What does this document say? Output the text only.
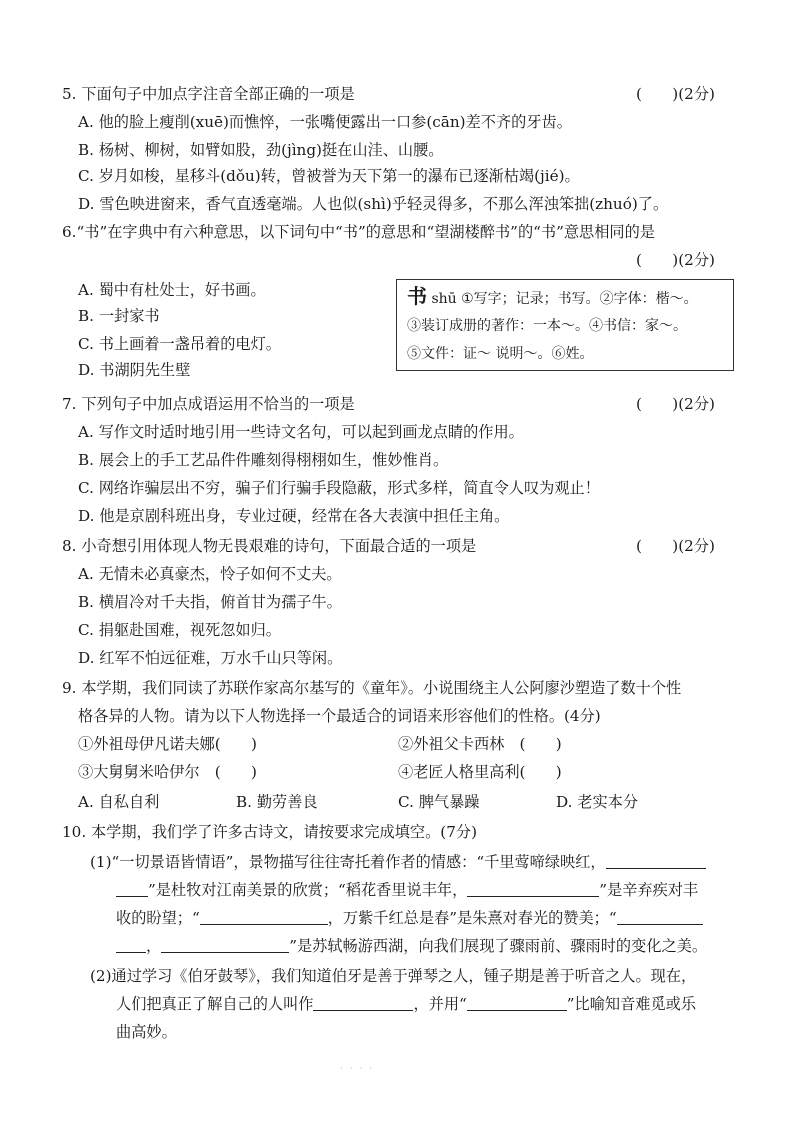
5. 下面句子中加点字注音全部正确的一项是	(　　)(2分)
A. 他的脸上瘦削(xuē)而憔悴，一张嘴便露出一口参(cān)差不齐的牙齿。
B. 杨树、柳树，如臂如股，劲(jìng)挺在山洼、山腰。
C. 岁月如梭，星移斗(dǒu)转，曾被誉为天下第一的瀑布已逐渐枯竭(jié)。
D. 雪色映进窗来，香气直透毫端。人也似(shì)乎轻灵得多，不那么浑浊笨拙(zhuó)了。
6.“书”在字典中有六种意思，以下词句中“书”的意思和“望湖楼醉书”的“书”意思相同的是
(　　)(2分)
A. 蜀中有杜处士，好书画。
B. 一封家书
C. 书上画着一盏吊着的电灯。
D. 书湖阴先生壁
书 shū ①写字；记录；书写。②字体：楷～。
③装订成册的著作：一本～。④书信：家～。
⑤文件：证～ 说明～。⑥姓。
7. 下列句子中加点成语运用不恰当的一项是	(　　)(2分)
A. 写作文时适时地引用一些诗文名句，可以起到画龙点睛的作用。
B. 展会上的手工艺品件件雕刻得栩栩如生，惟妙惟肖。
C. 网络诈骗层出不穷，骗子们行骗手段隐蔽，形式多样，简直令人叹为观止！
D. 他是京剧科班出身，专业过硬，经常在各大表演中担任主角。
8. 小奇想引用体现人物无畏艰难的诗句，下面最合适的一项是	(　　)(2分)
A. 无情未必真豪杰，怜子如何不丈夫。
B. 横眉冷对千夫指，俯首甘为孺子牛。
C. 捐躯赴国难，视死忽如归。
D. 红军不怕远征难，万水千山只等闲。
9. 本学期，我们同读了苏联作家高尔基写的《童年》。小说围绕主人公阿廖沙塑造了数十个性
格各异的人物。请为以下人物选择一个最适合的词语来形容他们的性格。(4分)
①外祖母伊凡诺夫娜(　　)	②外祖父卡西林　(　　)
③大舅舅米哈伊尔　(　　)	④老匠人格里高利(　　)
A. 自私自利	B. 勤劳善良	C. 脾气暴躁	D. 老实本分
10. 本学期，我们学了许多古诗文，请按要求完成填空。(7分)
(1)“一切景语皆情语”，景物描写往往寄托着作者的情感：“千里莺啼绿映红，
”是杜牧对江南美景的欣赏；“稻花香里说丰年，	”是辛弃疾对丰
收的盼望；“	，万紫千红总是春”是朱熹对春光的赞美；“
，	”是苏轼畅游西湖，向我们展现了骤雨前、骤雨时的变化之美。
(2)通过学习《伯牙鼓琴》，我们知道伯牙是善于弹琴之人，锺子期是善于听音之人。现在，
人们把真正了解自己的人叫作	，并用“	”比喻知音难觅或乐
曲高妙。
· · · ·
